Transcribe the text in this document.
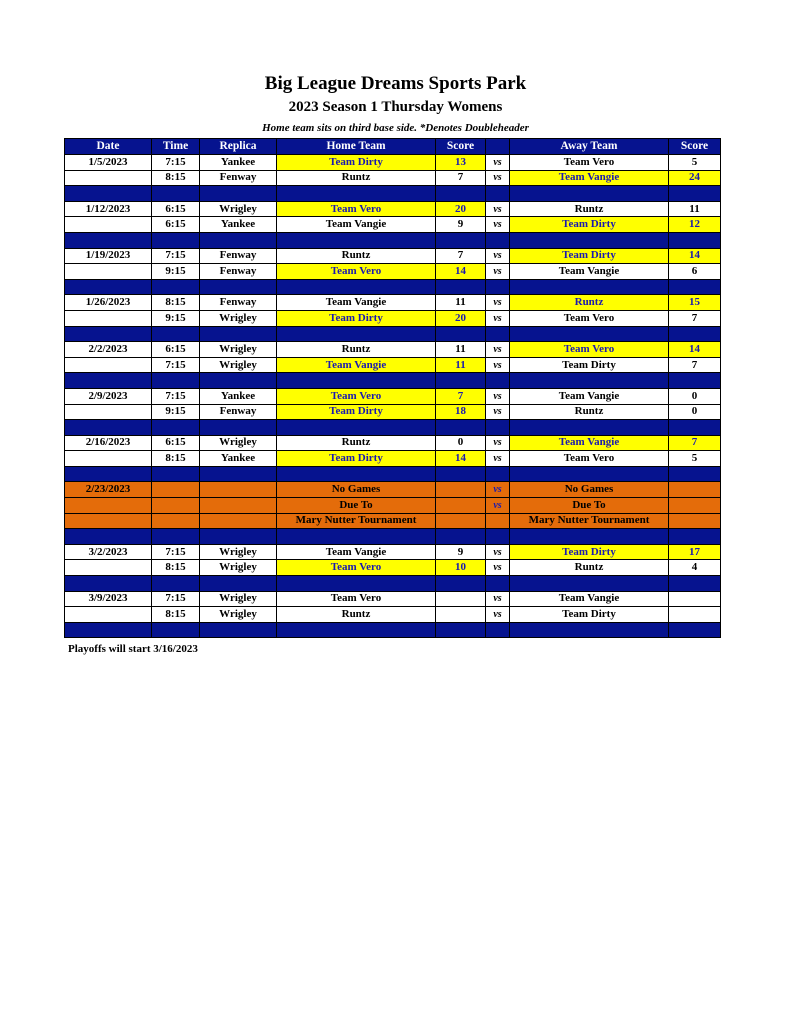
Big League Dreams Sports Park
2023 Season 1 Thursday Womens
Home team sits on third base side. *Denotes Doubleheader
Date	Time	Replica	Home Team	Score		Away Team	Score
1/5/2023	7:15	Yankee	Team Dirty	13	vs	Team Vero	5
	8:15	Fenway	Runtz	7	vs	Team Vangie	24

1/12/2023	6:15	Wrigley	Team Vero	20	vs	Runtz	11
	6:15	Yankee	Team Vangie	9	vs	Team Dirty	12

1/19/2023	7:15	Fenway	Runtz	7	vs	Team Dirty	14
	9:15	Fenway	Team Vero	14	vs	Team Vangie	6

1/26/2023	8:15	Fenway	Team Vangie	11	vs	Runtz	15
	9:15	Wrigley	Team Dirty	20	vs	Team Vero	7

2/2/2023	6:15	Wrigley	Runtz	11	vs	Team Vero	14
	7:15	Wrigley	Team Vangie	11	vs	Team Dirty	7

2/9/2023	7:15	Yankee	Team Vero	7	vs	Team Vangie	0
	9:15	Fenway	Team Dirty	18	vs	Runtz	0

2/16/2023	6:15	Wrigley	Runtz	0	vs	Team Vangie	7
	8:15	Yankee	Team Dirty	14	vs	Team Vero	5

2/23/2023			No Games		vs	No Games	
			Due To		vs	Due To	
			Mary Nutter Tournament			Mary Nutter Tournament	

3/2/2023	7:15	Wrigley	Team Vangie	9	vs	Team Dirty	17
	8:15	Wrigley	Team Vero	10	vs	Runtz	4

3/9/2023	7:15	Wrigley	Team Vero		vs	Team Vangie	
	8:15	Wrigley	Runtz		vs	Team Dirty	

Playoffs will start 3/16/2023
